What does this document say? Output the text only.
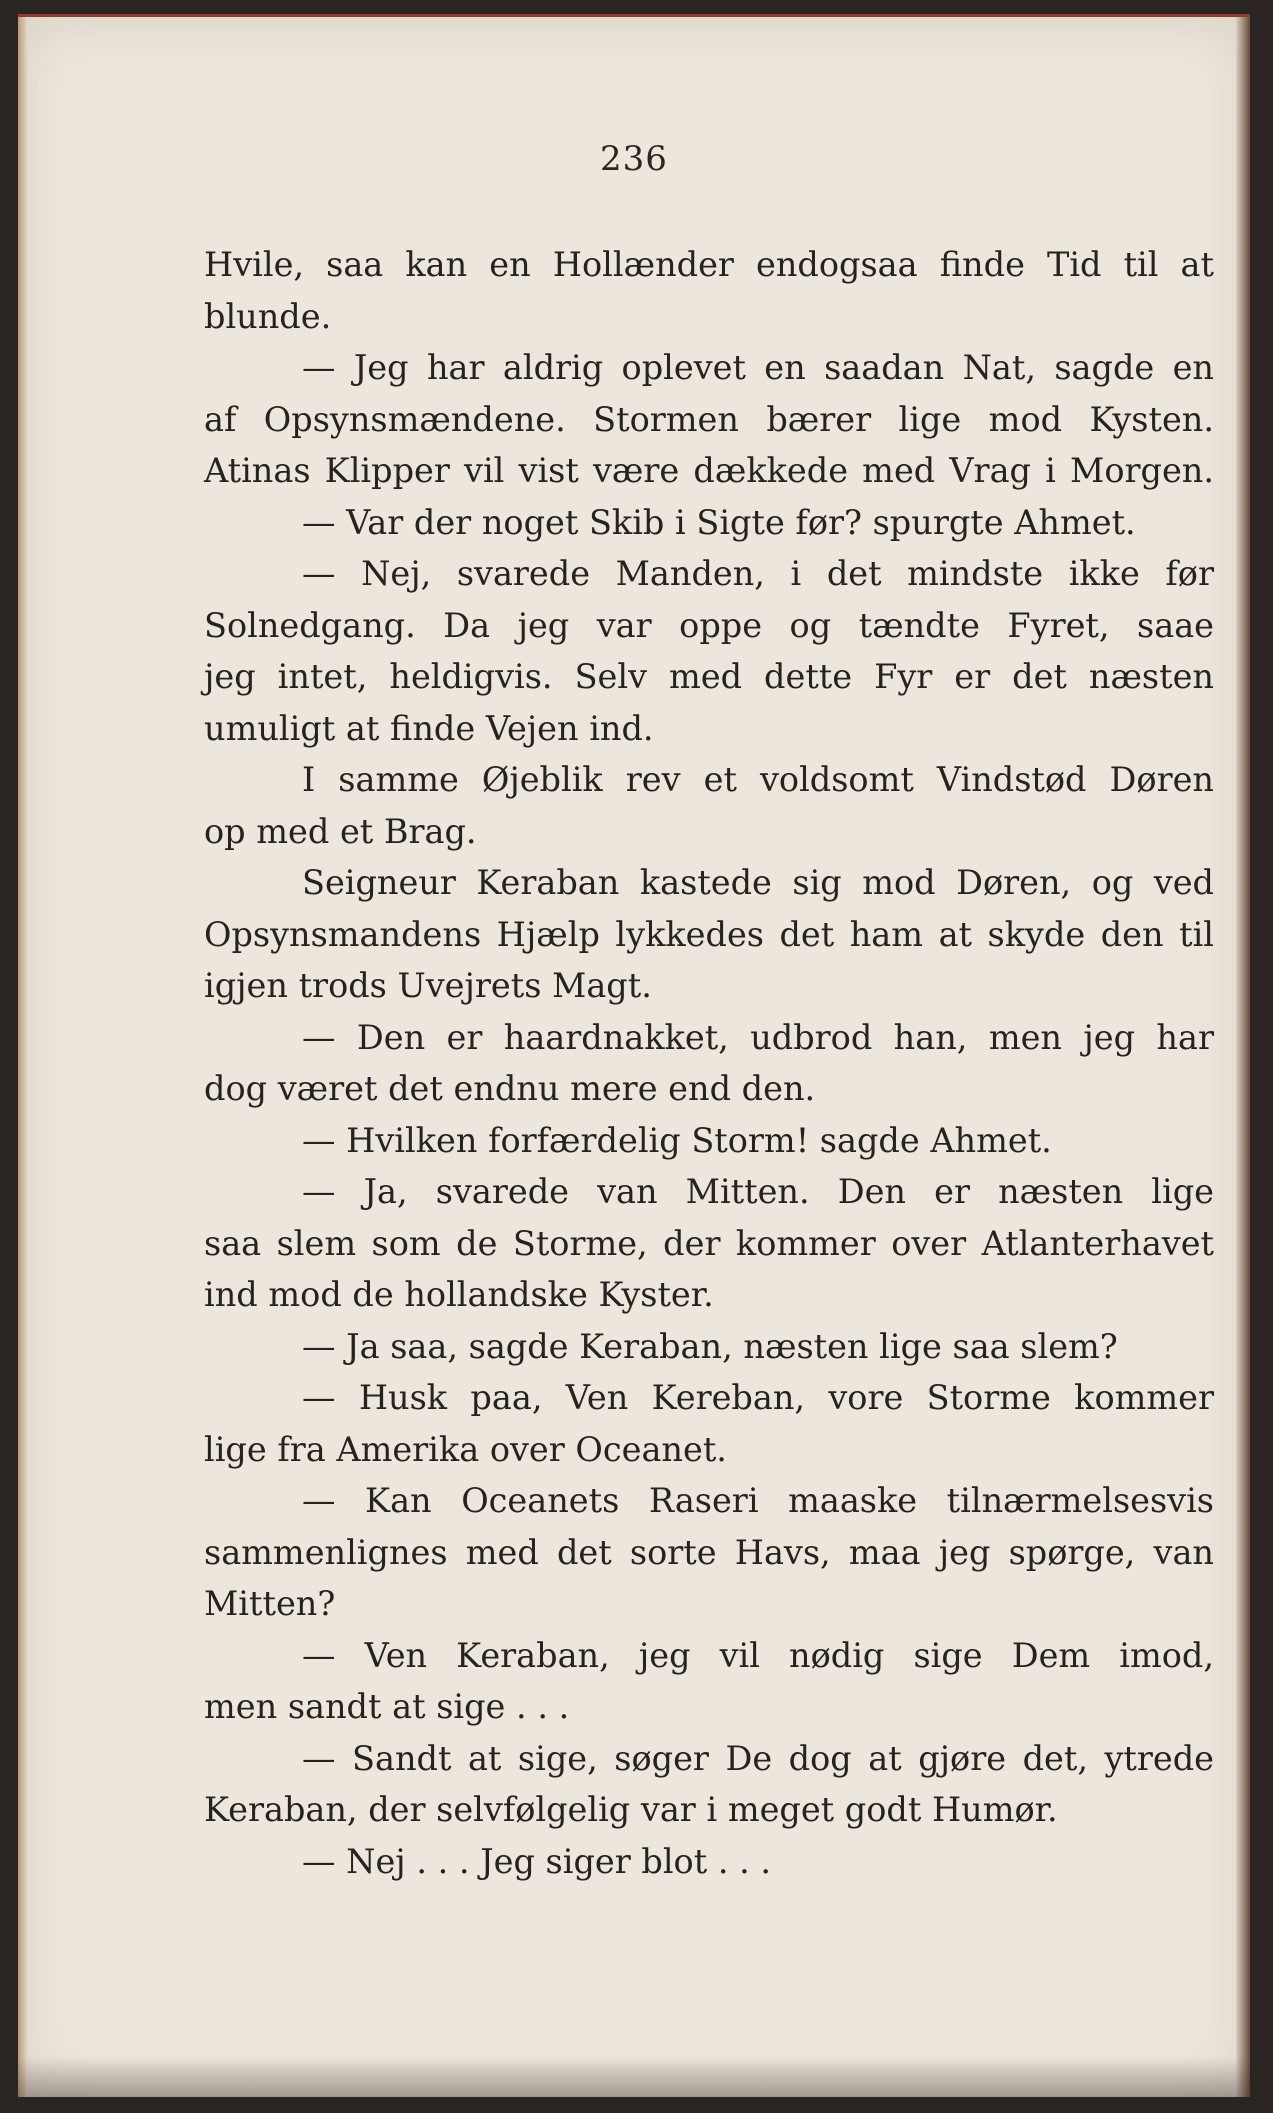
236
Hvile, saa kan en Hollænder endogsaa finde Tid til at
blunde.
— Jeg har aldrig oplevet en saadan Nat, sagde en
af Opsynsmændene. Stormen bærer lige mod Kysten.
Atinas Klipper vil vist være dækkede med Vrag i Morgen.
— Var der noget Skib i Sigte før? spurgte Ahmet.
— Nej, svarede Manden, i det mindste ikke før
Solnedgang. Da jeg var oppe og tændte Fyret, saae
jeg intet, heldigvis. Selv med dette Fyr er det næsten
umuligt at finde Vejen ind.
I samme Øjeblik rev et voldsomt Vindstød Døren
op med et Brag.
Seigneur Keraban kastede sig mod Døren, og ved
Opsynsmandens Hjælp lykkedes det ham at skyde den til
igjen trods Uvejrets Magt.
— Den er haardnakket, udbrod han, men jeg har
dog været det endnu mere end den.
— Hvilken forfærdelig Storm! sagde Ahmet.
— Ja, svarede van Mitten. Den er næsten lige
saa slem som de Storme, der kommer over Atlanterhavet
ind mod de hollandske Kyster.
— Ja saa, sagde Keraban, næsten lige saa slem?
— Husk paa, Ven Kereban, vore Storme kommer
lige fra Amerika over Oceanet.
— Kan Oceanets Raseri maaske tilnærmelsesvis
sammenlignes med det sorte Havs, maa jeg spørge, van
Mitten?
— Ven Keraban, jeg vil nødig sige Dem imod,
men sandt at sige . . .
— Sandt at sige, søger De dog at gjøre det, ytrede
Keraban, der selvfølgelig var i meget godt Humør.
— Nej . . . Jeg siger blot . . .
